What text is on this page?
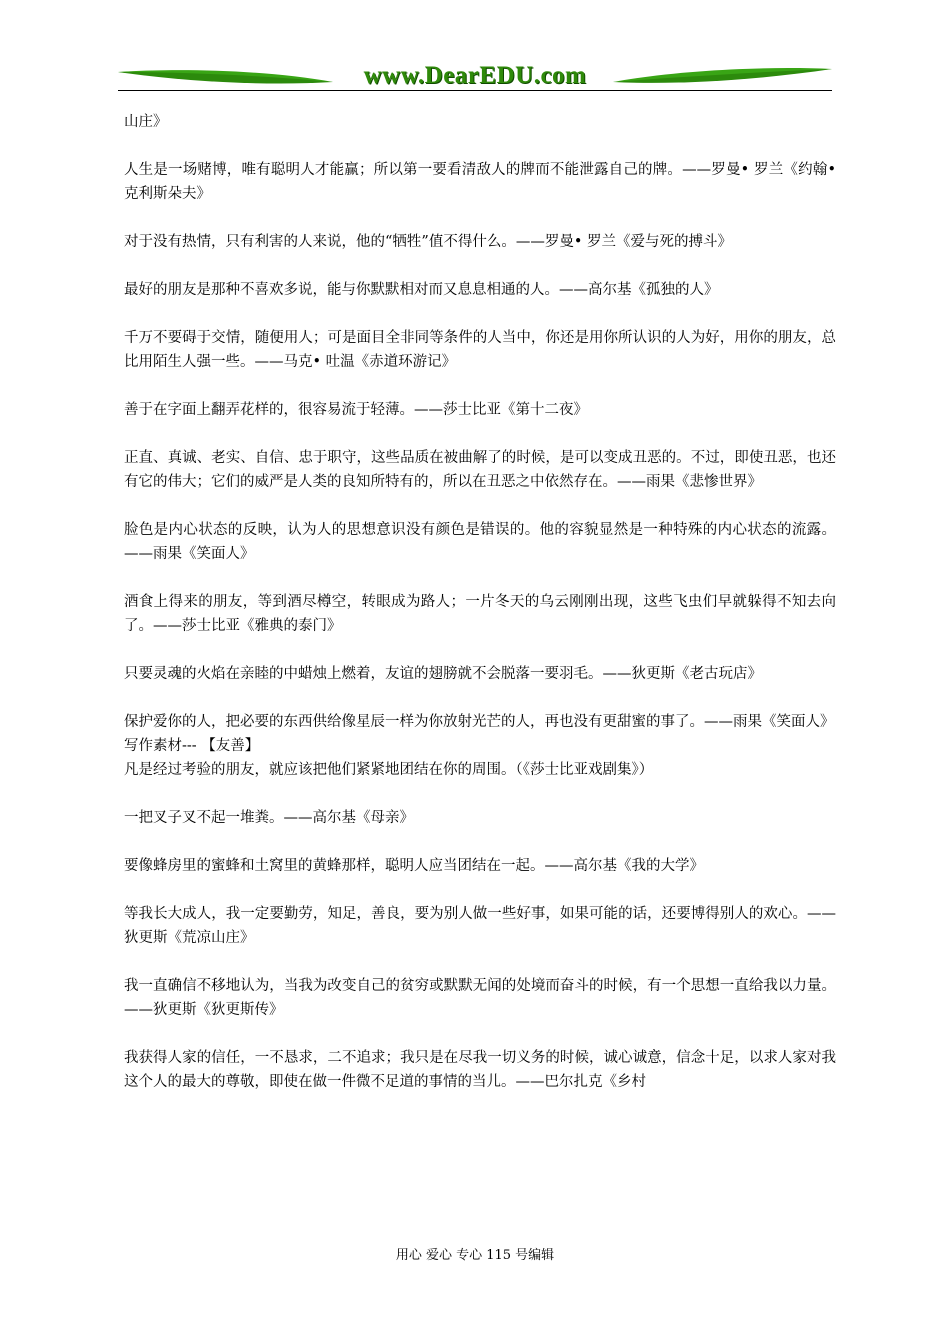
www.DearEDU.com

山庄》

人生是一场赌博，唯有聪明人才能赢；所以第一要看清敌人的牌而不能泄露自己的牌。——罗曼• 罗兰《约翰• 克利斯朵夫》

对于没有热情，只有利害的人来说，他的“牺牲”值不得什么。——罗曼• 罗兰《爱与死的搏斗》

最好的朋友是那种不喜欢多说，能与你默默相对而又息息相通的人。——高尔基《孤独的人》

千万不要碍于交情，随便用人；可是面目全非同等条件的人当中，你还是用你所认识的人为好，用你的朋友，总比用陌生人强一些。——马克• 吐温《赤道环游记》

善于在字面上翻弄花样的，很容易流于轻薄。——莎士比亚《第十二夜》

正直、真诚、老实、自信、忠于职守，这些品质在被曲解了的时候，是可以变成丑恶的。不过，即使丑恶，也还有它的伟大；它们的威严是人类的良知所特有的，所以在丑恶之中依然存在。——雨果《悲惨世界》

脸色是内心状态的反映，认为人的思想意识没有颜色是错误的。他的容貌显然是一种特殊的内心状态的流露。——雨果《笑面人》

酒食上得来的朋友，等到酒尽樽空，转眼成为路人；一片冬天的乌云刚刚出现，这些飞虫们早就躲得不知去向了。——莎士比亚《雅典的泰门》

只要灵魂的火焰在亲睦的中蜡烛上燃着，友谊的翅膀就不会脱落一要羽毛。——狄更斯《老古玩店》

保护爱你的人，把必要的东西供给像星辰一样为你放射光芒的人，再也没有更甜蜜的事了。——雨果《笑面人》

写作素材--- 【友善】

凡是经过考验的朋友，就应该把他们紧紧地团结在你的周围。（《莎士比亚戏剧集》）

一把叉子叉不起一堆粪。——高尔基《母亲》

要像蜂房里的蜜蜂和土窝里的黄蜂那样，聪明人应当团结在一起。——高尔基《我的大学》

等我长大成人，我一定要勤劳，知足，善良，要为别人做一些好事，如果可能的话，还要博得别人的欢心。——狄更斯《荒凉山庄》

我一直确信不移地认为，当我为改变自己的贫穷或默默无闻的处境而奋斗的时候，有一个思想一直给我以力量。——狄更斯《狄更斯传》

我获得人家的信任，一不恳求，二不追求；我只是在尽我一切义务的时候，诚心诚意，信念十足，以求人家对我这个人的最大的尊敬，即使在做一件微不足道的事情的当儿。——巴尔扎克《乡村

用心 爱心 专心 115 号编辑
